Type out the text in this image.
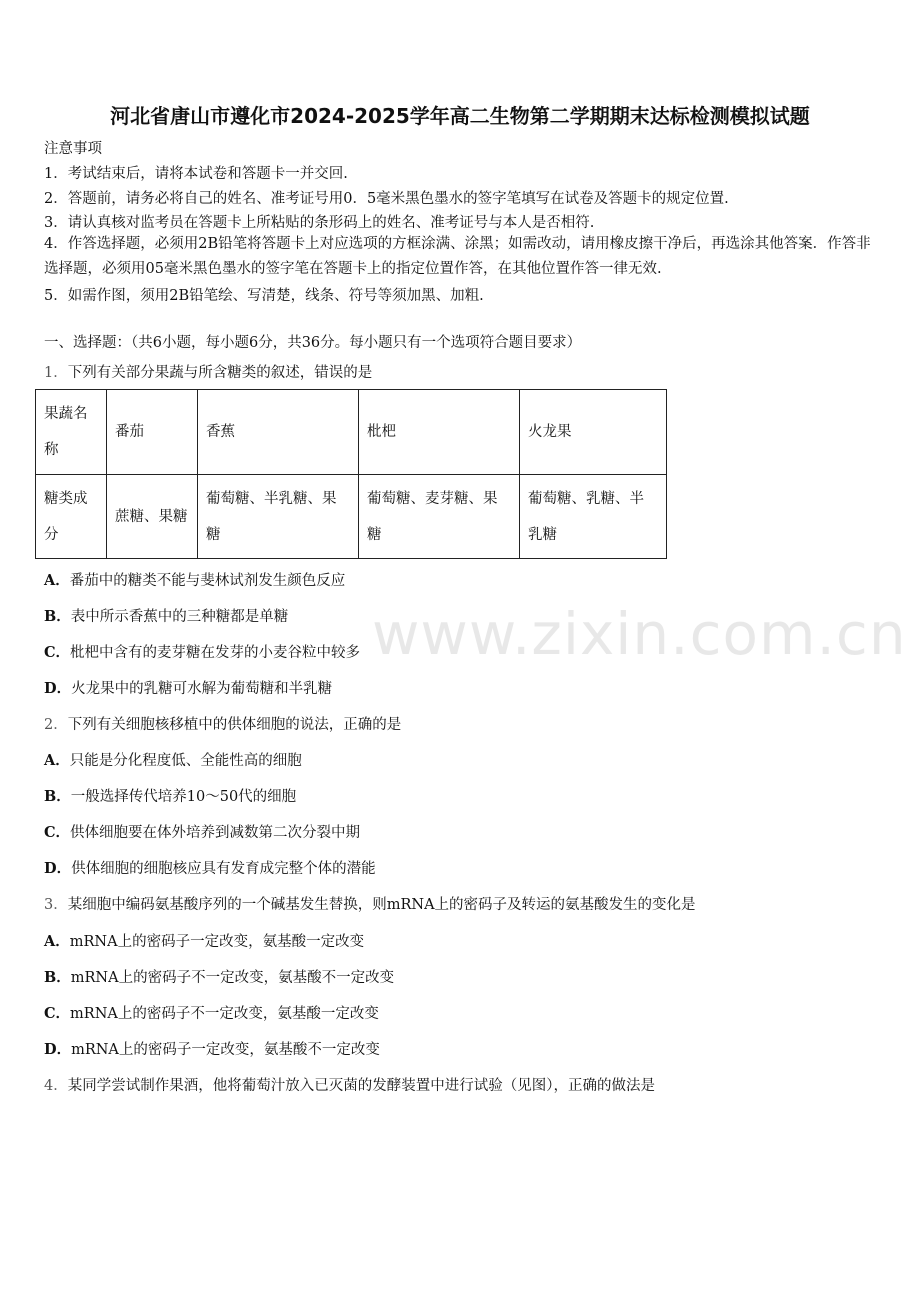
河北省唐山市遵化市2024-2025学年高二生物第二学期期末达标检测模拟试题
注意事项
1．考试结束后，请将本试卷和答题卡一并交回.
2．答题前，请务必将自己的姓名、准考证号用0．5毫米黑色墨水的签字笔填写在试卷及答题卡的规定位置.
3．请认真核对监考员在答题卡上所粘贴的条形码上的姓名、准考证号与本人是否相符.
4．作答选择题，必须用2B铅笔将答题卡上对应选项的方框涂满、涂黑；如需改动，请用橡皮擦干净后，再选涂其他答案．作答非选择题，必须用05毫米黑色墨水的签字笔在答题卡上的指定位置作答，在其他位置作答一律无效.
5．如需作图，须用2B铅笔绘、写清楚，线条、符号等须加黑、加粗.
一、选择题：（共6小题，每小题6分，共36分。每小题只有一个选项符合题目要求）
1．下列有关部分果蔬与所含糖类的叙述，错误的是
果蔬名称	番茄	香蕉	枇杷	火龙果
糖类成分	蔗糖、果糖	葡萄糖、半乳糖、果糖	葡萄糖、麦芽糖、果糖	葡萄糖、乳糖、半乳糖
A．番茄中的糖类不能与斐林试剂发生颜色反应
B．表中所示香蕉中的三种糖都是单糖
C．枇杷中含有的麦芽糖在发芽的小麦谷粒中较多
D．火龙果中的乳糖可水解为葡萄糖和半乳糖
2．下列有关细胞核移植中的供体细胞的说法，正确的是
A．只能是分化程度低、全能性高的细胞
B．一般选择传代培养10～50代的细胞
C．供体细胞要在体外培养到减数第二次分裂中期
D．供体细胞的细胞核应具有发育成完整个体的潜能
3．某细胞中编码氨基酸序列的一个碱基发生替换，则mRNA上的密码子及转运的氨基酸发生的变化是
A．mRNA上的密码子一定改变，氨基酸一定改变
B．mRNA上的密码子不一定改变，氨基酸不一定改变
C．mRNA上的密码子不一定改变，氨基酸一定改变
D．mRNA上的密码子一定改变，氨基酸不一定改变
4．某同学尝试制作果酒，他将葡萄汁放入已灭菌的发酵装置中进行试验（见图），正确的做法是
www.zixin.com.cn
